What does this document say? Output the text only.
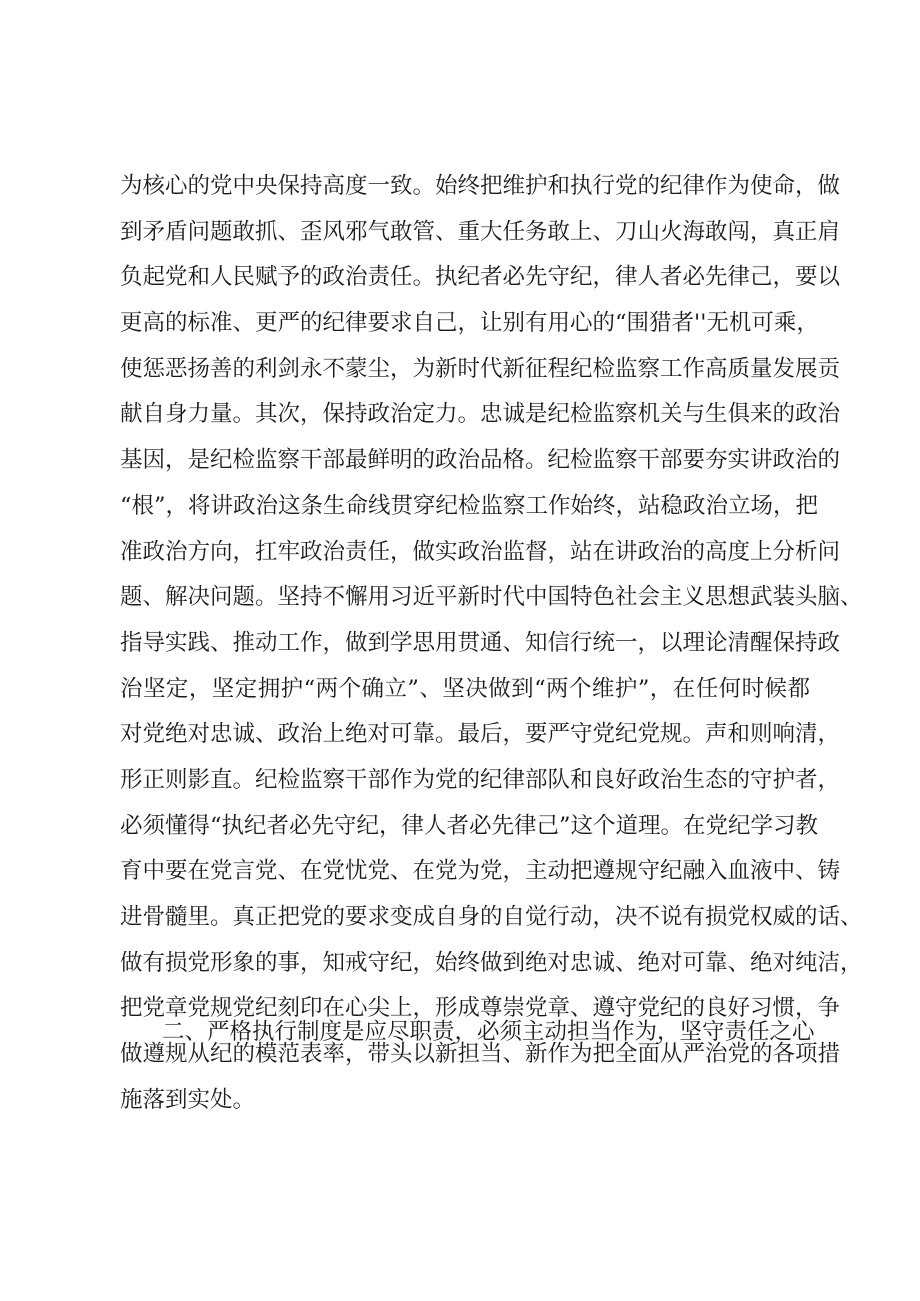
为核心的党中央保持高度一致。始终把维护和执行党的纪律作为使命，做
到矛盾问题敢抓、歪风邪气敢管、重大任务敢上、刀山火海敢闯，真正肩
负起党和人民赋予的政治责任。执纪者必先守纪，律人者必先律己，要以
更高的标准、更严的纪律要求自己，让别有用心的“围猎者''无机可乘，
使惩恶扬善的利剑永不蒙尘，为新时代新征程纪检监察工作高质量发展贡
献自身力量。其次，保持政治定力。忠诚是纪检监察机关与生俱来的政治
基因，是纪检监察干部最鲜明的政治品格。纪检监察干部要夯实讲政治的
“根”，将讲政治这条生命线贯穿纪检监察工作始终，站稳政治立场，把
准政治方向，扛牢政治责任，做实政治监督，站在讲政治的高度上分析问
题、解决问题。坚持不懈用习近平新时代中国特色社会主义思想武装头脑、
指导实践、推动工作，做到学思用贯通、知信行统一，以理论清醒保持政
治坚定，坚定拥护“两个确立”、坚决做到“两个维护”，在任何时候都
对党绝对忠诚、政治上绝对可靠。最后，要严守党纪党规。声和则响清，
形正则影直。纪检监察干部作为党的纪律部队和良好政治生态的守护者，
必须懂得“执纪者必先守纪，律人者必先律己”这个道理。在党纪学习教
育中要在党言党、在党忧党、在党为党，主动把遵规守纪融入血液中、铸
进骨髓里。真正把党的要求变成自身的自觉行动，决不说有损党权威的话、
做有损党形象的事，知戒守纪，始终做到绝对忠诚、绝对可靠、绝对纯洁，
把党章党规党纪刻印在心尖上，形成尊崇党章、遵守党纪的良好习惯，争
做遵规从纪的模范表率，带头以新担当、新作为把全面从严治党的各项措
施落到实处。

二、严格执行制度是应尽职责，必须主动担当作为，坚守责任之心
